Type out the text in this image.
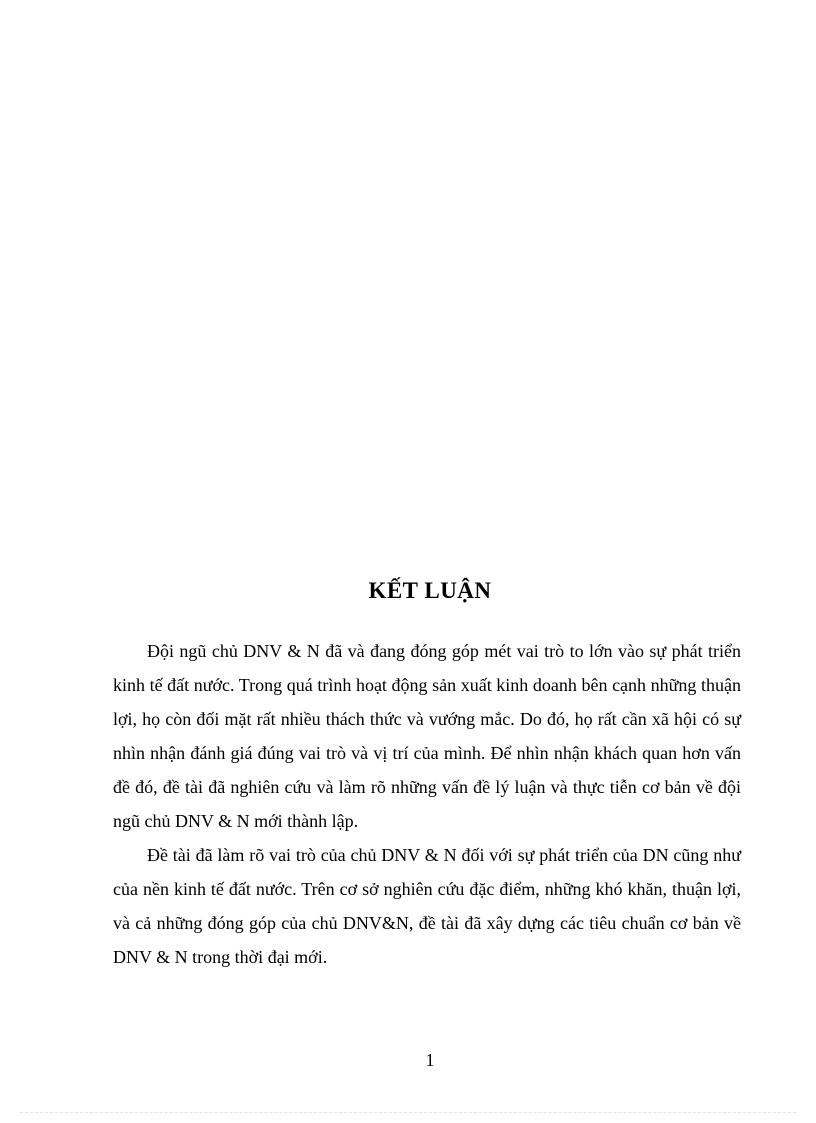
KẾT LUẬN

Đội ngũ chủ DNV & N đã và đang đóng góp mét vai trò to lớn vào sự phát triển kinh tế đất nước. Trong quá trình hoạt động sản xuất kinh doanh bên cạnh những thuận lợi, họ còn đối mặt rất nhiều thách thức và vướng mắc. Do đó, họ rất cần xã hội có sự nhìn nhận đánh giá đúng vai trò và vị trí của mình. Để nhìn nhận khách quan hơn vấn đề đó, đề tài đã nghiên cứu và làm rõ những vấn đề lý luận và thực tiễn cơ bản về đội ngũ chủ DNV & N mới thành lập.

Đề tài đã làm rõ vai trò của chủ DNV & N đối với sự phát triển của DN cũng như của nền kinh tế đất nước. Trên cơ sở nghiên cứu đặc điểm, những khó khăn, thuận lợi, và cả những đóng góp của chủ DNV&N, đề tài đã xây dựng các tiêu chuẩn cơ bản về DNV & N trong thời đại mới.

1
